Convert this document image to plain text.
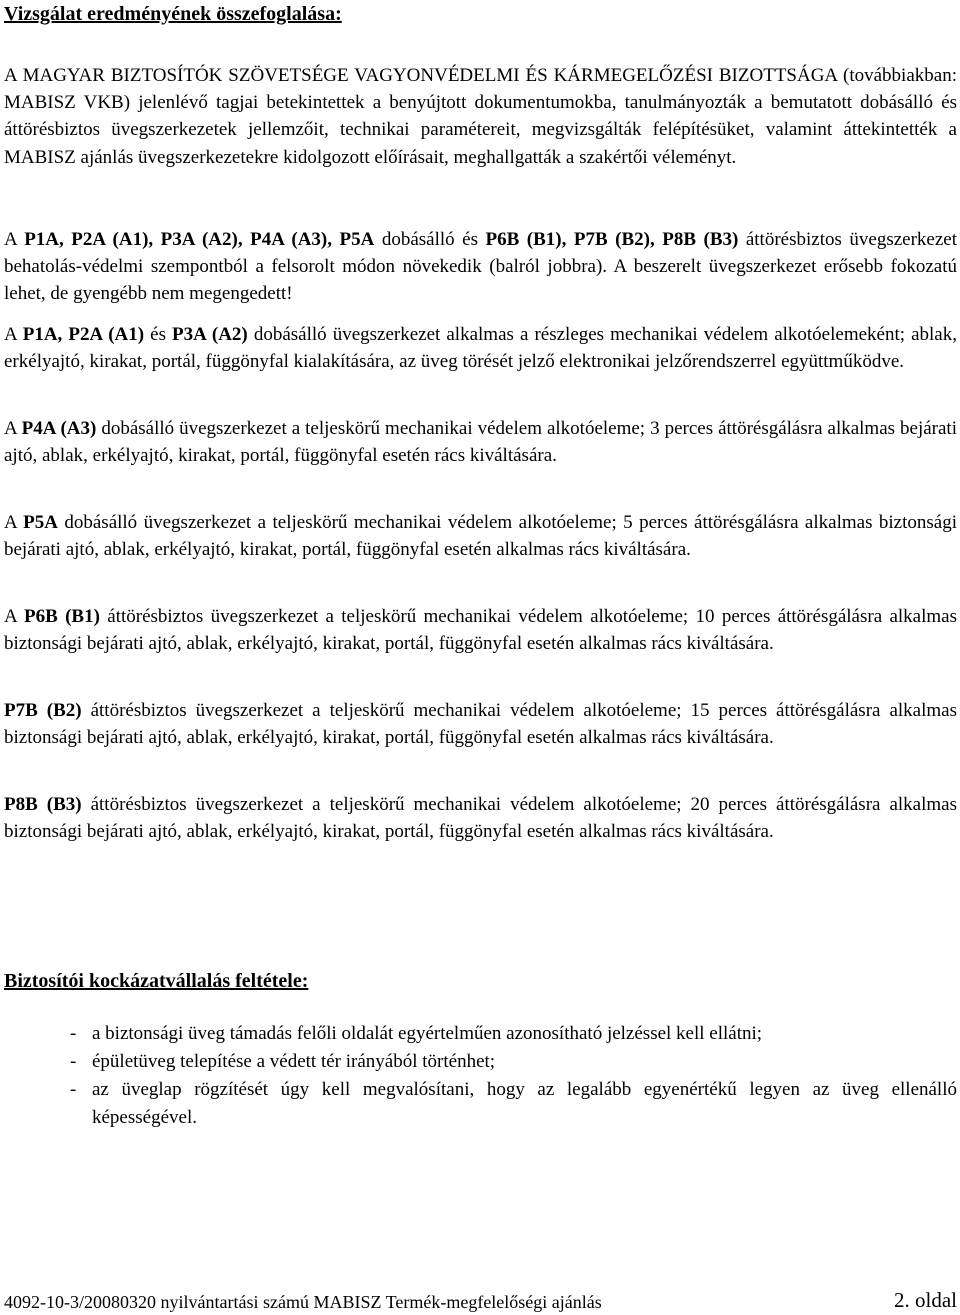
Vizsgálat eredményének összefoglalása:

A MAGYAR BIZTOSÍTÓK SZÖVETSÉGE VAGYONVÉDELMI ÉS KÁRMEGELŐZÉSI BIZOTTSÁGA (továbbiakban: MABISZ VKB) jelenlévő tagjai betekintettek a benyújtott dokumentumokba, tanulmányozták a bemutatott dobásálló és áttörésbiztos üvegszerkezetek jellemzőit, technikai paramétereit, megvizsgálták felépítésüket, valamint áttekintették a MABISZ ajánlás üvegszerkezetekre kidolgozott előírásait, meghallgatták a szakértői véleményt.

A P1A, P2A (A1), P3A (A2), P4A (A3), P5A dobásálló és P6B (B1), P7B (B2), P8B (B3) áttörésbiztos üvegszerkezet behatolás-védelmi szempontból a felsorolt módon növekedik (balról jobbra). A beszerelt üvegszerkezet erősebb fokozatú lehet, de gyengébb nem megengedett!

A P1A, P2A (A1) és P3A (A2) dobásálló üvegszerkezet alkalmas a részleges mechanikai védelem alkotóelemeként; ablak, erkélyajtó, kirakat, portál, függönyfal kialakítására, az üveg törését jelző elektronikai jelzőrendszerrel együttműködve.

A P4A (A3) dobásálló üvegszerkezet a teljeskörű mechanikai védelem alkotóeleme; 3 perces áttörésgálásra alkalmas bejárati ajtó, ablak, erkélyajtó, kirakat, portál, függönyfal esetén rács kiváltására.

A P5A dobásálló üvegszerkezet a teljeskörű mechanikai védelem alkotóeleme; 5 perces áttörésgálásra alkalmas biztonsági bejárati ajtó, ablak, erkélyajtó, kirakat, portál, függönyfal esetén alkalmas rács kiváltására.

A P6B (B1) áttörésbiztos üvegszerkezet a teljeskörű mechanikai védelem alkotóeleme; 10 perces áttörésgálásra alkalmas biztonsági bejárati ajtó, ablak, erkélyajtó, kirakat, portál, függönyfal esetén alkalmas rács kiváltására.

P7B (B2) áttörésbiztos üvegszerkezet a teljeskörű mechanikai védelem alkotóeleme; 15 perces áttörésgálásra alkalmas biztonsági bejárati ajtó, ablak, erkélyajtó, kirakat, portál, függönyfal esetén alkalmas rács kiváltására.

P8B (B3) áttörésbiztos üvegszerkezet a teljeskörű mechanikai védelem alkotóeleme; 20 perces áttörésgálásra alkalmas biztonsági bejárati ajtó, ablak, erkélyajtó, kirakat, portál, függönyfal esetén alkalmas rács kiváltására.

Biztosítói kockázatvállalás feltétele:
- a biztonsági üveg támadás felőli oldalát egyértelműen azonosítható jelzéssel kell ellátni;
- épületüveg telepítése a védett tér irányából történhet;
- az üveglap rögzítését úgy kell megvalósítani, hogy az legalább egyenértékű legyen az üveg ellenálló képességével.
4092-10-3/20080320 nyilvántartási számú MABISZ Termék-megfelelőségi ajánlás	2. oldal
